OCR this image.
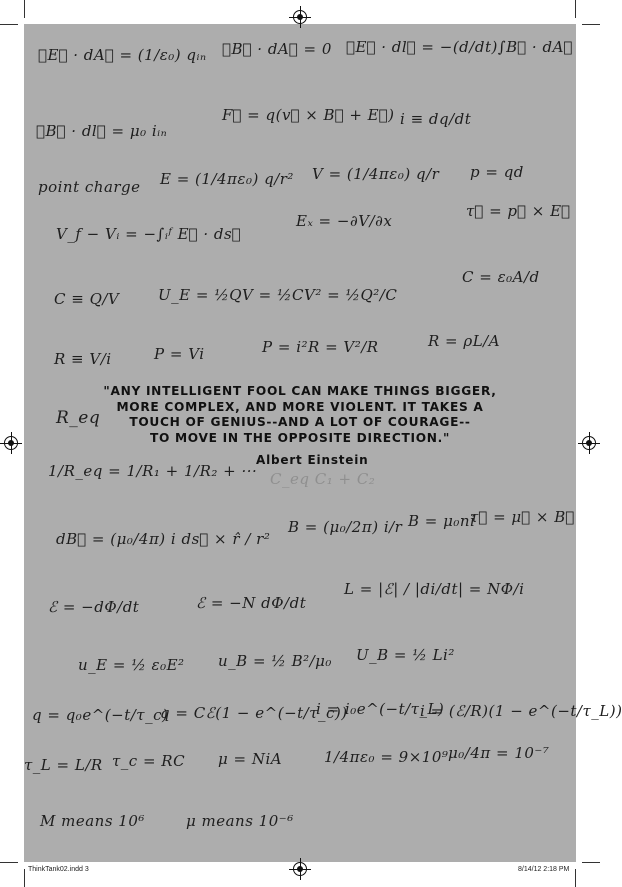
∮E⃗ · dA⃗ = (1/ε₀) qᵢₙ ∮B⃗ · dA⃗ = 0 ∮E⃗ · dl⃗ = −(d/dt)∫B⃗ · dA⃗
∮B⃗ · dl⃗ = μ₀ iᵢₙ
F⃗ = q(v⃗ × B⃗ + E⃗) i ≡ dq/dt
point charge E = (1/4πε₀) q/r² V = (1/4πε₀) q/r p = qd
V_f − Vᵢ = −∫ᵢᶠ E⃗ · ds⃗
Eₓ = −∂V/∂x
τ⃗ = p⃗ × E⃗
C ≡ Q/V	U_E = ½QV = ½CV² = ½Q²/C
C = ε₀A/d
R ≡ V/i	P = Vi	P = i²R = V²/R	R = ρL/A
R_eq
1/R_eq = 1/R₁ + 1/R₂ + ··· C_eq C₁ + C₂
dB⃗ = (μ₀/4π) i ds⃗ × r̂ / r²
B = (μ₀/2π) i/r B = μ₀ni
τ⃗ = μ⃗ × B⃗
ℰ = −dΦ/dt	ℰ = −N dΦ/dt
L = |ℰ| / |di/dt| = NΦ/i
u_E = ½ ε₀E² u_B = ½ B²/μ₀ U_B = ½ Li²
q = q₀e^(−t/τ_c)
q = Cℰ(1 − e^(−t/τ_c))
i = i₀e^(−t/τ_L)
i = (ℰ/R)(1 − e^(−t/τ_L))
τ_L = L/R τ_c = RC μ = NiA	1/4πε₀ = 9×10⁹ μ₀/4π = 10⁻⁷
M means 10⁶	μ means 10⁻⁶
"ANY INTELLIGENT FOOL CAN MAKE THINGS BIGGER,
MORE COMPLEX, AND MORE VIOLENT. IT TAKES A
TOUCH OF GENIUS--AND A LOT OF COURAGE--
TO MOVE IN THE OPPOSITE DIRECTION."
Albert Einstein
ThinkTank02.indd 3	8/14/12 2:18 PM
